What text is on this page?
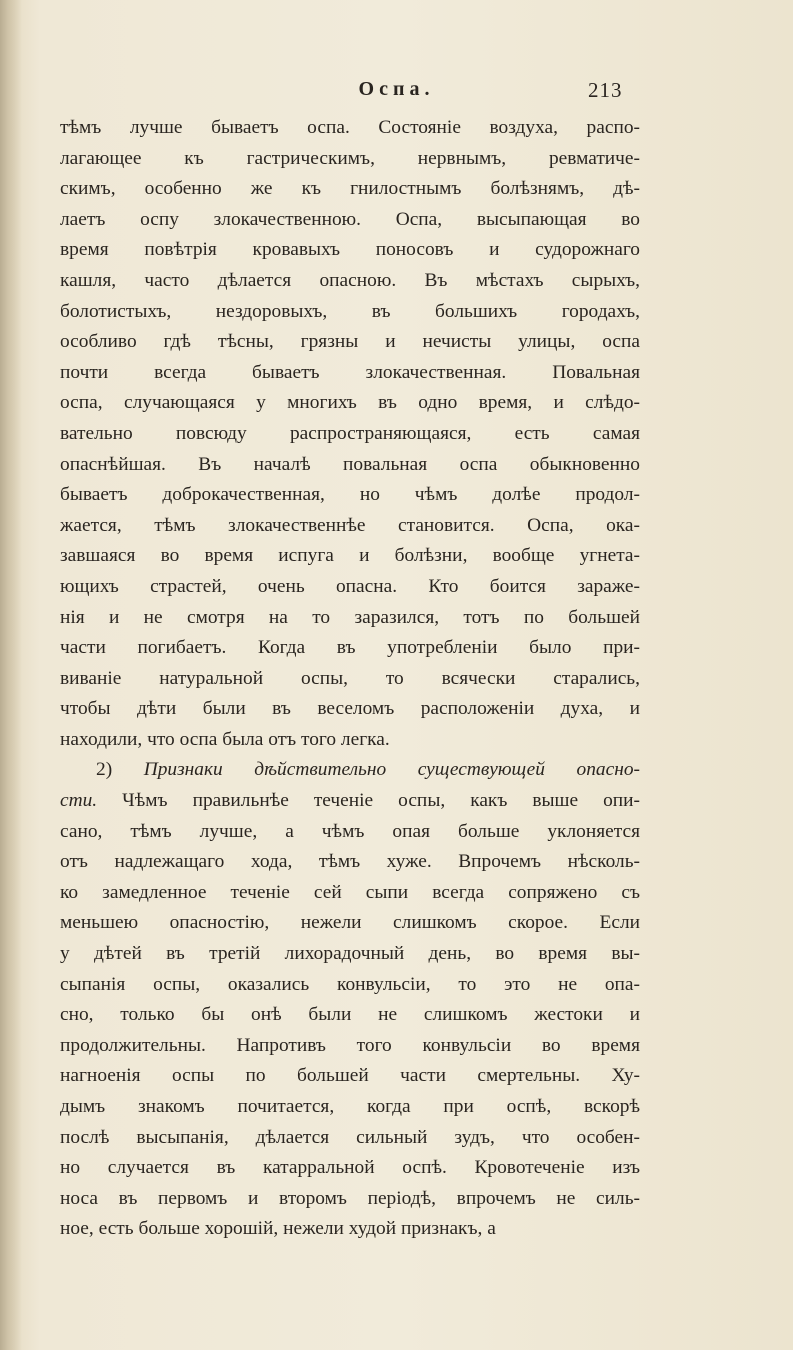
Оспа.	213
тѣмъ лучше бываетъ оспа. Состояніе воздуха, распо-
лагающее къ гастрическимъ, нервнымъ, ревматиче-
скимъ, особенно же къ гнилостнымъ болѣзнямъ, дѣ-
лаетъ оспу злокачественною. Оспа, высыпающая во
время повѣтрія кровавыхъ поносовъ и судорожнаго
кашля, часто дѣлается опасною. Въ мѣстахъ сырыхъ,
болотистыхъ, нездоровыхъ, въ большихъ городахъ,
особливо гдѣ тѣсны, грязны и нечисты улицы, оспа
почти всегда бываетъ злокачественная. Повальная
оспа, случающаяся у многихъ въ одно время, и слѣдо-
вательно повсюду распространяющаяся, есть самая
опаснѣйшая. Въ началѣ повальная оспа обыкновенно
бываетъ доброкачественная, но чѣмъ долѣе продол-
жается, тѣмъ злокачественнѣе становится. Оспа, ока-
завшаяся во время испуга и болѣзни, вообще угнета-
ющихъ страстей, очень опасна. Кто боится зараже-
нія и не смотря на то заразился, тотъ по большей
части погибаетъ. Когда въ употребленіи было при-
виваніе натуральной оспы, то всячески старались,
чтобы дѣти были въ веселомъ расположеніи духа, и
находили, что оспа была отъ того легка.
2) Признаки дѣйствительно существующей опасно-
сти. Чѣмъ правильнѣе теченіе оспы, какъ выше опи-
сано, тѣмъ лучше, а чѣмъ опая больше уклоняется
отъ надлежащаго хода, тѣмъ хуже. Впрочемъ нѣсколь-
ко замедленное теченіе сей сыпи всегда сопряжено съ
меньшею опасностію, нежели слишкомъ скорое. Если
у дѣтей въ третій лихорадочный день, во время вы-
сыпанія оспы, оказались конвульсіи, то это не опа-
сно, только бы онѣ были не слишкомъ жестоки и
продолжительны. Напротивъ того конвульсіи во время
нагноенія оспы по большей части смертельны. Ху-
дымъ знакомъ почитается, когда при оспѣ, вскорѣ
послѣ высыпанія, дѣлается сильный зудъ, что особен-
но случается въ катарральной оспѣ. Кровотеченіе изъ
носа въ первомъ и второмъ періодѣ, впрочемъ не силь-
ное, есть больше хорошій, нежели худой признакъ, а
